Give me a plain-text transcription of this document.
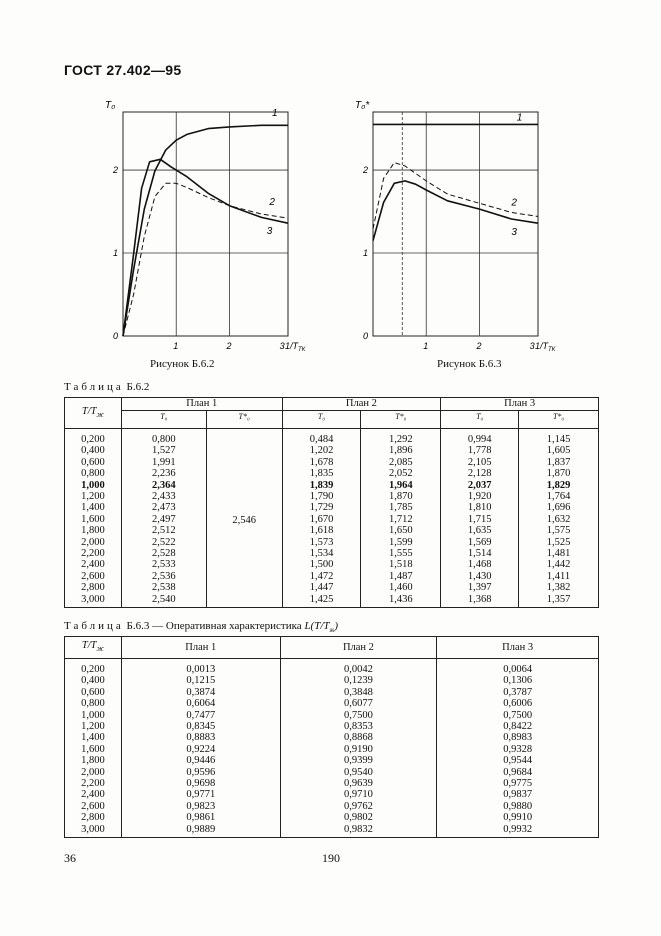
ГОСТ 27.402—95
T₀
0
1
2
1	2	3 $1/T_{ТК}$
1
2
3
Рисунок Б.6.2
T₀*
0
1
2
1	2	3 $1/T_{ТК}$
1
2
3
Рисунок Б.6.3
Таблица Б.6.2
$T/T_ж$	План 1		План 2		План 3	
	T₀	T*₀	T₀	T*₀	T₀	T*₀
0,200	0,800	2,546	0,484	1,292	0,994	1,145
0,400	1,527		1,202	1,896	1,778	1,605
0,600	1,991		1,678	2,085	2,105	1,837
0,800	2,236		1,835	2,052	2,128	1,870
1,000	2,364		1,839	1,964	2,037	1,829
1,200	2,433		1,790	1,870	1,920	1,764
1,400	2,473		1,729	1,785	1,810	1,696
1,600	2,497		1,670	1,712	1,715	1,632
1,800	2,512		1,618	1,650	1,635	1,575
2,000	2,522		1,573	1,599	1,569	1,525
2,200	2,528		1,534	1,555	1,514	1,481
2,400	2,533		1,500	1,518	1,468	1,442
2,600	2,536		1,472	1,487	1,430	1,411
2,800	2,538		1,447	1,460	1,397	1,382
3,000	2,540		1,425	1,436	1,368	1,357
Таблица Б.6.3 — Оперативная характеристика $L(T/T_ж)$
$T/T_ж$	План 1	План 2	План 3
0,200	0,0013	0,0042	0,0064
0,400	0,1215	0,1239	0,1306
0,600	0,3874	0,3848	0,3787
0,800	0,6064	0,6077	0,6006
1,000	0,7477	0,7500	0,7500
1,200	0,8345	0,8353	0,8422
1,400	0,8883	0,8868	0,8983
1,600	0,9224	0,9190	0,9328
1,800	0,9446	0,9399	0,9544
2,000	0,9596	0,9540	0,9684
2,200	0,9698	0,9639	0,9775
2,400	0,9771	0,9710	0,9837
2,600	0,9823	0,9762	0,9880
2,800	0,9861	0,9802	0,9910
3,000	0,9889	0,9832	0,9932
36	190
